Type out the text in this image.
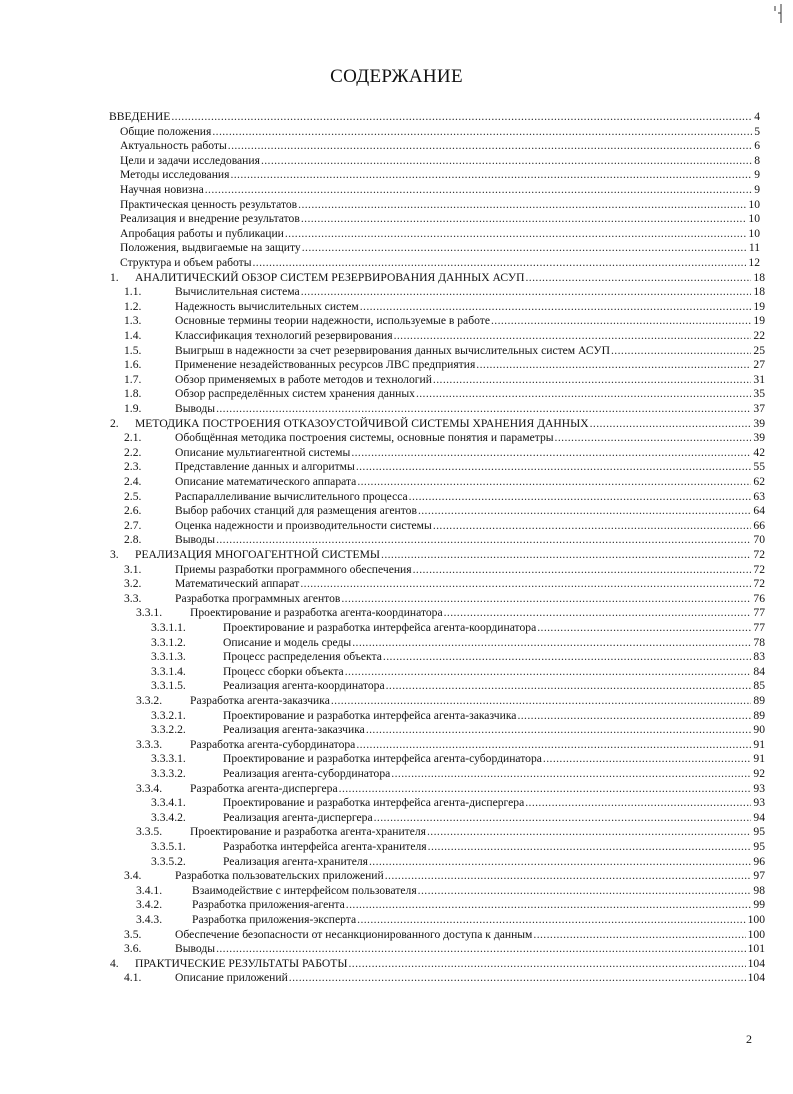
СОДЕРЖАНИЕ
ВВЕДЕНИЕ .....	4
Общие положения .....	5
Актуальность работы .....	6
Цели и задачи исследования .....	8
Методы исследования .....	9
Научная новизна .....	9
Практическая ценность результатов .....	10
Реализация и внедрение результатов .....	10
Апробация работы и публикации .....	10
Положения, выдвигаемые на защиту .....	11
Структура и объем работы .....	12
1. АНАЛИТИЧЕСКИЙ ОБЗОР СИСТЕМ РЕЗЕРВИРОВАНИЯ ДАННЫХ АСУП .....	18
1.1.	Вычислительная система .....	18
1.2.	Надежность вычислительных систем .....	19
1.3.	Основные термины теории надежности, используемые в работе .....	19
1.4.	Классификация технологий резервирования .....	22
1.5.	Выигрыш в надежности за счет резервирования данных вычислительных систем АСУП .....	25
1.6.	Применение незадействованных ресурсов ЛВС предприятия .....	27
1.7.	Обзор применяемых в работе методов и технологий .....	31
1.8.	Обзор распределённых систем хранения данных .....	35
1.9.	Выводы .....	37
2. МЕТОДИКА ПОСТРОЕНИЯ ОТКАЗОУСТОЙЧИВОЙ СИСТЕМЫ ХРАНЕНИЯ ДАННЫХ .....	39
2.1.	Обобщённая методика построения системы, основные понятия и параметры .....	39
2.2.	Описание мультиагентной системы .....	42
2.3.	Представление данных и алгоритмы .....	55
2.4.	Описание математического аппарата .....	62
2.5.	Распараллеливание вычислительного процесса .....	63
2.6.	Выбор рабочих станций для размещения агентов .....	64
2.7.	Оценка надежности и производительности системы .....	66
2.8.	Выводы .....	70
3. РЕАЛИЗАЦИЯ МНОГОАГЕНТНОЙ СИСТЕМЫ .....	72
3.1.	Приемы разработки программного обеспечения .....	72
3.2.	Математический аппарат .....	72
3.3.	Разработка программных агентов .....	76
3.3.1. Проектирование и разработка агента-координатора .....	77
3.3.1.1.	Проектирование и разработка интерфейса агента-координатора .....	77
3.3.1.2.	Описание и модель среды .....	78
3.3.1.3.	Процесс распределения объекта .....	83
3.3.1.4.	Процесс сборки объекта .....	84
3.3.1.5.	Реализация агента-координатора .....	85
3.3.2. Разработка агента-заказчика .....	89
3.3.2.1.	Проектирование и разработка интерфейса агента-заказчика .....	89
3.3.2.2.	Реализация агента-заказчика .....	90
3.3.3. Разработка агента-субординатора .....	91
3.3.3.1.	Проектирование и разработка интерфейса агента-субординатора .....	91
3.3.3.2.	Реализация агента-субординатора .....	92
3.3.4. Разработка агента-диспергера .....	93
3.3.4.1.	Проектирование и разработка интерфейса агента-диспергера .....	93
3.3.4.2.	Реализация агента-диспергера .....	94
3.3.5. Проектирование и разработка агента-хранителя .....	95
3.3.5.1.	Разработка интерфейса агента-хранителя .....	95
3.3.5.2.	Реализация агента-хранителя .....	96
3.4.	Разработка пользовательских приложений .....	97
3.4.1.	Взаимодействие с интерфейсом пользователя .....	98
3.4.2.	Разработка приложения-агента .....	99
3.4.3.	Разработка приложения-эксперта .....	100
3.5.	Обеспечение безопасности от несанкционированного доступа к данным .....	100
3.6.	Выводы .....	101
4. ПРАКТИЧЕСКИЕ РЕЗУЛЬТАТЫ РАБОТЫ .....	104
4.1.	Описание приложений .....	104
2
